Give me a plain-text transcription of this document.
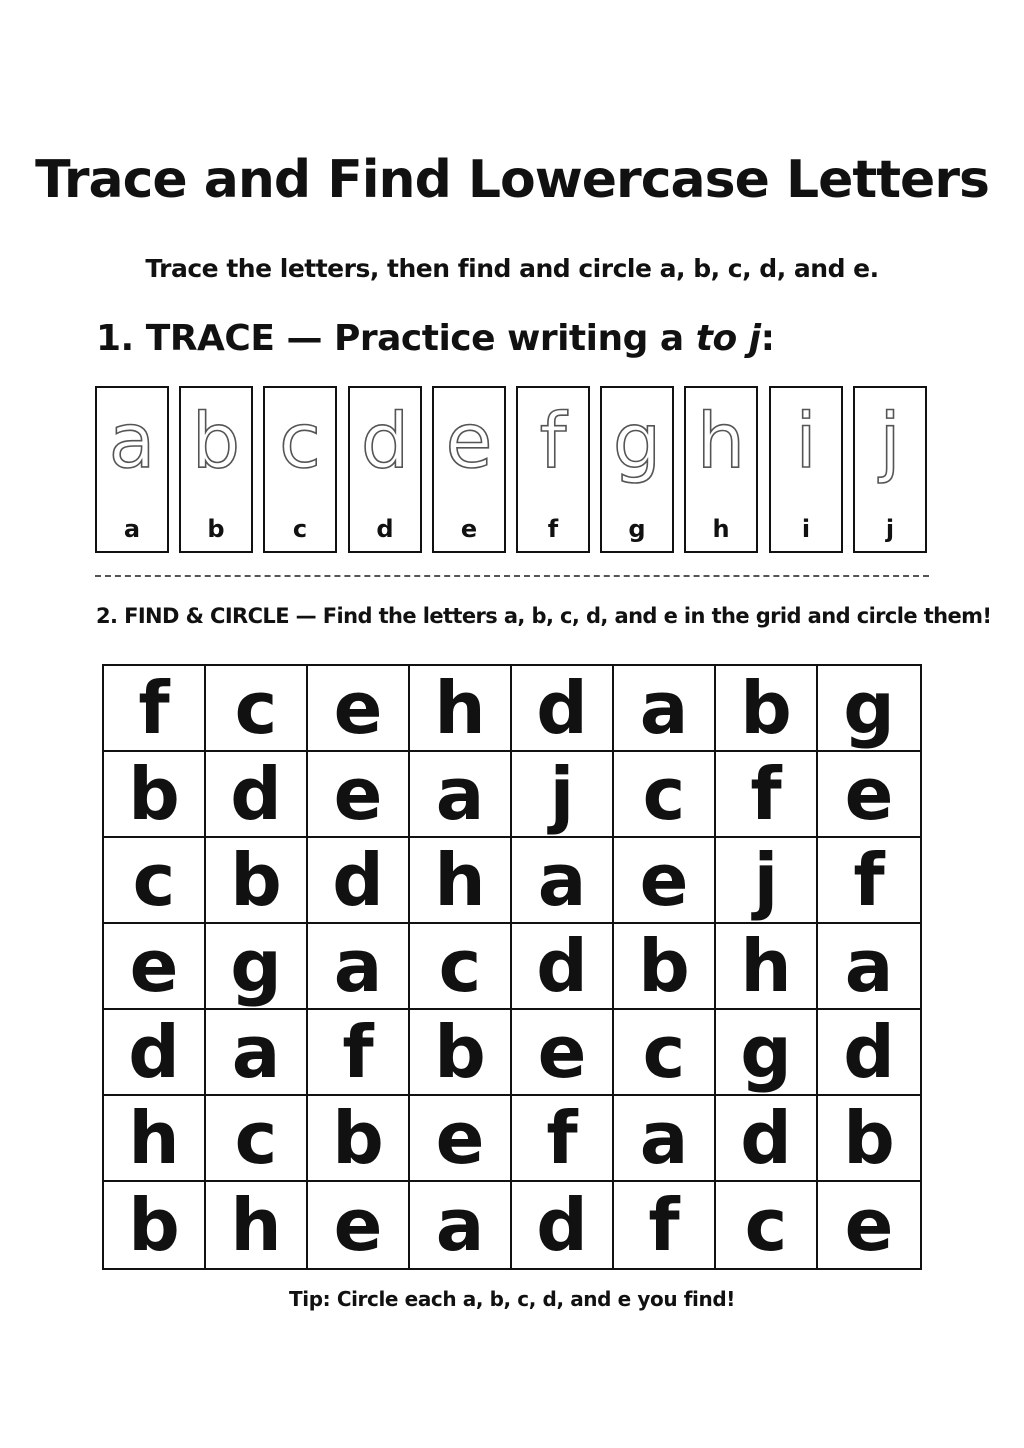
Trace and Find Lowercase Letters
Trace the letters, then find and circle a, b, c, d, and e.
1. TRACE — Practice writing a to j:
a
a
b
b
c
c
d
d
e
e
f
f
g
g
h
h
i
i
j
j
2. FIND & CIRCLE — Find the letters a, b, c, d, and e in the grid and circle them!
f c e h d a b g
b d e a j c f e
c b d h a e j	f
e g a c d b h a
d a f b e c g d
h c b e f a d b
b h e a d f c e
Tip: Circle each a, b, c, d, and e you find!
